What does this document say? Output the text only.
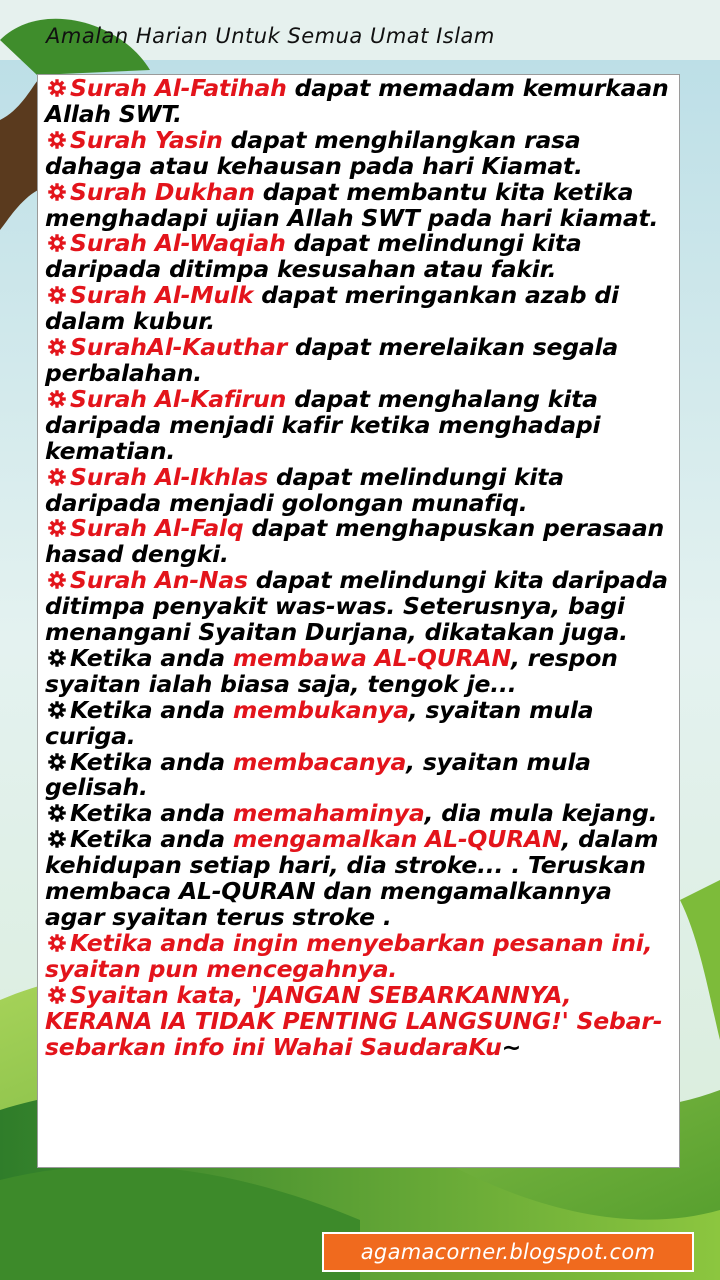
Amalan Harian Untuk Semua Umat Islam
Surah Al-Fatihah dapat memadam kemurkaan Allah SWT.
Surah Yasin dapat menghilangkan rasa dahaga atau kehausan pada hari Kiamat.
Surah Dukhan dapat membantu kita ketika menghadapi ujian Allah SWT pada hari kiamat.
Surah Al-Waqiah dapat melindungi kita daripada ditimpa kesusahan atau fakir.
Surah Al-Mulk dapat meringankan azab di dalam kubur.
SurahAl-Kauthar dapat merelaikan segala perbalahan.
Surah Al-Kafirun dapat menghalang kita daripada menjadi kafir ketika menghadapi kematian.
Surah Al-Ikhlas dapat melindungi kita daripada menjadi golongan munafiq.
Surah Al-Falq dapat menghapuskan perasaan hasad dengki.
Surah An-Nas dapat melindungi kita daripada ditimpa penyakit was-was. Seterusnya, bagi menangani Syaitan Durjana, dikatakan juga.
Ketika anda membawa AL-QURAN, respon syaitan ialah biasa saja, tengok je...
Ketika anda membukanya, syaitan mula curiga.
Ketika anda membacanya, syaitan mula gelisah.
Ketika anda memahaminya, dia mula kejang.
Ketika anda mengamalkan AL-QURAN, dalam kehidupan setiap hari, dia stroke... . Teruskan membaca AL-QURAN dan mengamalkannya agar syaitan terus stroke .
Ketika anda ingin menyebarkan pesanan ini, syaitan pun mencegahnya.
Syaitan kata, 'JANGAN SEBARKANNYA, KERANA IA TIDAK PENTING LANGSUNG!' Sebar-sebarkan info ini Wahai SaudaraKu~
agamacorner.blogspot.com
